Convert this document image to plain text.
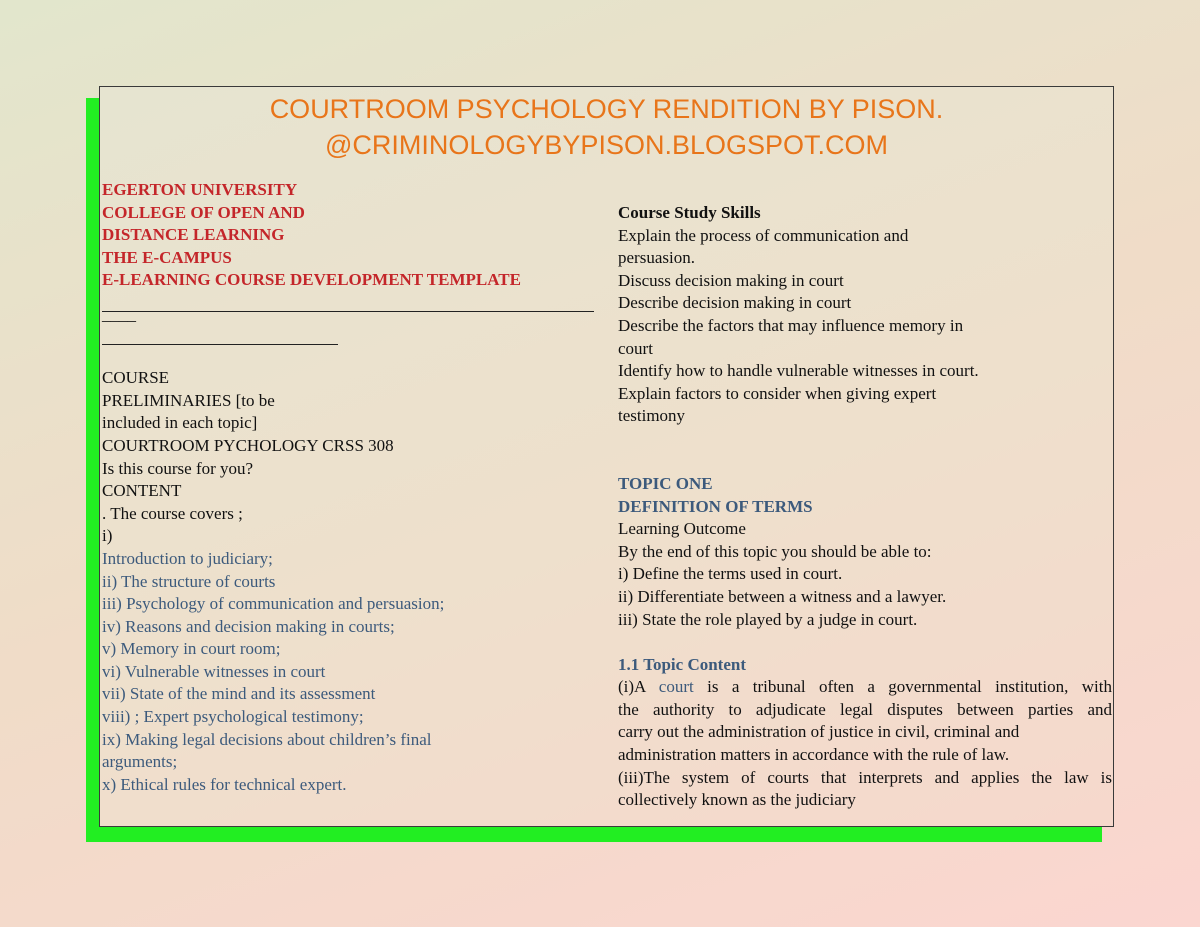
COURTROOM PSYCHOLOGY RENDITION BY PISON.
@CRIMINOLOGYBYPISON.BLOGSPOT.COM
EGERTON UNIVERSITY
COLLEGE OF OPEN AND
DISTANCE LEARNING
THE E-CAMPUS
E-LEARNING COURSE DEVELOPMENT TEMPLATE
____
COURSE
PRELIMINARIES [to be
included in each topic]
COURTROOM PYCHOLOGY CRSS 308
Is this course for you?
CONTENT
. The course covers ;
i)
Introduction to judiciary;
ii) The structure of courts
iii) Psychology of communication and persuasion;
iv) Reasons and decision making in courts;
v) Memory in court room;
vi) Vulnerable witnesses in court
vii) State of the mind and its assessment
viii) ; Expert psychological testimony;
ix) Making legal decisions about children’s final
arguments;
x) Ethical rules for technical expert.
Course Study Skills
Explain the process of communication and
persuasion.
Discuss decision making in court
Describe decision making in court
Describe the factors that may influence memory in
court
Identify how to handle vulnerable witnesses in court.
Explain factors to consider when giving expert
testimony
TOPIC ONE
DEFINITION OF TERMS
Learning Outcome
By the end of this topic you should be able to:
i) Define the terms used in court.
ii) Differentiate between a witness and a lawyer.
iii) State the role played by a judge in court.
1.1 Topic Content
(i)A court is a tribunal often a governmental institution, with
the authority to adjudicate legal disputes between parties and
carry out the administration of justice in civil, criminal and
administration matters in accordance with the rule of law.
(iii)The system of courts that interprets and applies the law is
collectively known as the judiciary
